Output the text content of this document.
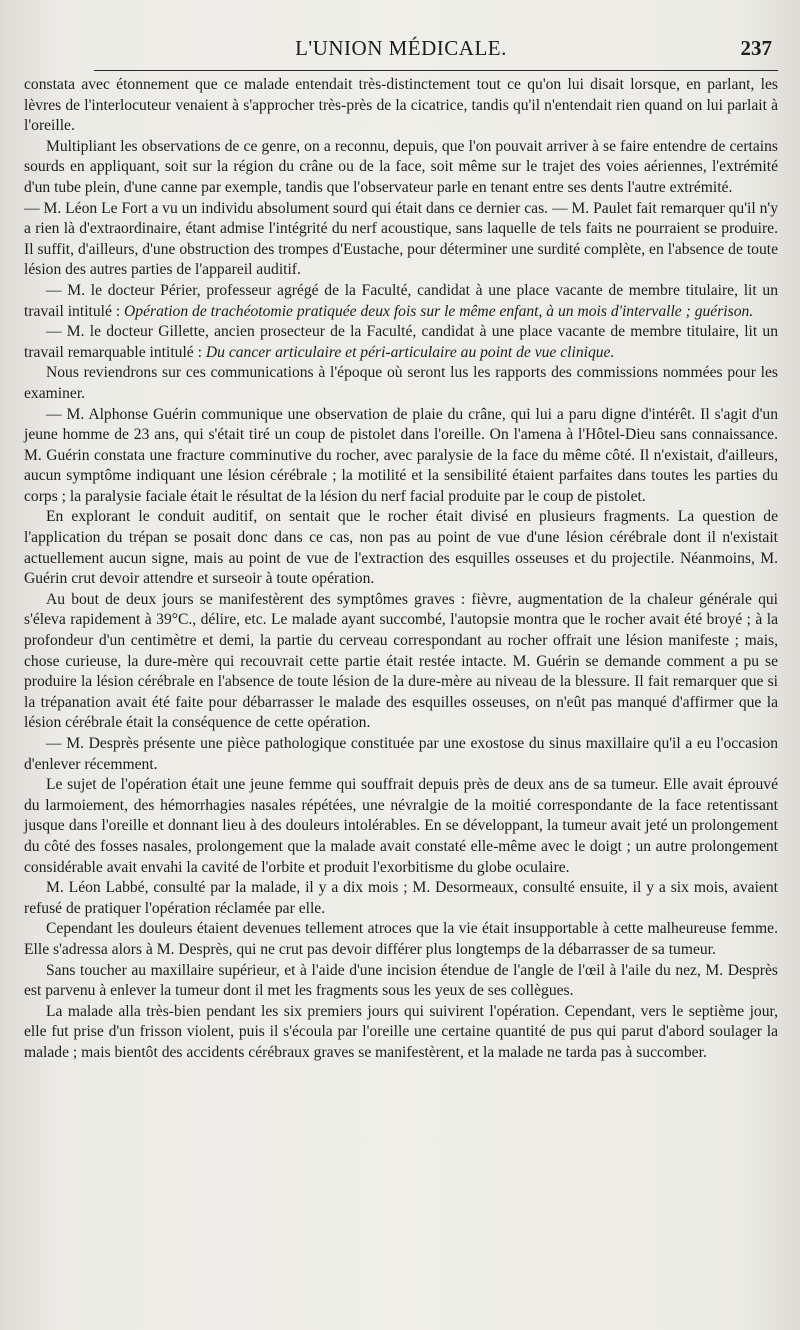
L'UNION MÉDICALE.	237

constata avec étonnement que ce malade entendait très-distinctement tout ce qu'on lui disait lorsque, en parlant, les lèvres de l'interlocuteur venaient à s'approcher très-près de la cicatrice, tandis qu'il n'entendait rien quand on lui parlait à l'oreille.

Multipliant les observations de ce genre, on a reconnu, depuis, que l'on pouvait arriver à se faire entendre de certains sourds en appliquant, soit sur la région du crâne ou de la face, soit même sur le trajet des voies aériennes, l'extrémité d'un tube plein, d'une canne par exemple, tandis que l'observateur parle en tenant entre ses dents l'autre extrémité.

— M. Léon Le Fort a vu un individu absolument sourd qui était dans ce dernier cas. — M. Paulet fait remarquer qu'il n'y a rien là d'extraordinaire, étant admise l'intégrité du nerf acoustique, sans laquelle de tels faits ne pourraient se produire. Il suffit, d'ailleurs, d'une obstruction des trompes d'Eustache, pour déterminer une surdité complète, en l'absence de toute lésion des autres parties de l'appareil auditif.

— M. le docteur Périer, professeur agrégé de la Faculté, candidat à une place vacante de membre titulaire, lit un travail intitulé : Opération de trachéotomie pratiquée deux fois sur le même enfant, à un mois d'intervalle ; guérison.

— M. le docteur Gillette, ancien prosecteur de la Faculté, candidat à une place vacante de membre titulaire, lit un travail remarquable intitulé : Du cancer articulaire et péri-articulaire au point de vue clinique.

Nous reviendrons sur ces communications à l'époque où seront lus les rapports des commissions nommées pour les examiner.

— M. Alphonse Guérin communique une observation de plaie du crâne, qui lui a paru digne d'intérêt. Il s'agit d'un jeune homme de 23 ans, qui s'était tiré un coup de pistolet dans l'oreille. On l'amena à l'Hôtel-Dieu sans connaissance. M. Guérin constata une fracture comminutive du rocher, avec paralysie de la face du même côté. Il n'existait, d'ailleurs, aucun symptôme indiquant une lésion cérébrale ; la motilité et la sensibilité étaient parfaites dans toutes les parties du corps ; la paralysie faciale était le résultat de la lésion du nerf facial produite par le coup de pistolet.

En explorant le conduit auditif, on sentait que le rocher était divisé en plusieurs fragments. La question de l'application du trépan se posait donc dans ce cas, non pas au point de vue d'une lésion cérébrale dont il n'existait actuellement aucun signe, mais au point de vue de l'extraction des esquilles osseuses et du projectile. Néanmoins, M. Guérin crut devoir attendre et surseoir à toute opération.

Au bout de deux jours se manifestèrent des symptômes graves : fièvre, augmentation de la chaleur générale qui s'éleva rapidement à 39°C., délire, etc. Le malade ayant succombé, l'autopsie montra que le rocher avait été broyé ; à la profondeur d'un centimètre et demi, la partie du cerveau correspondant au rocher offrait une lésion manifeste ; mais, chose curieuse, la dure-mère qui recouvrait cette partie était restée intacte. M. Guérin se demande comment a pu se produire la lésion cérébrale en l'absence de toute lésion de la dure-mère au niveau de la blessure. Il fait remarquer que si la trépanation avait été faite pour débarrasser le malade des esquilles osseuses, on n'eût pas manqué d'affirmer que la lésion cérébrale était la conséquence de cette opération.

— M. Desprès présente une pièce pathologique constituée par une exostose du sinus maxillaire qu'il a eu l'occasion d'enlever récemment.

Le sujet de l'opération était une jeune femme qui souffrait depuis près de deux ans de sa tumeur. Elle avait éprouvé du larmoiement, des hémorrhagies nasales répétées, une névralgie de la moitié correspondante de la face retentissant jusque dans l'oreille et donnant lieu à des douleurs intolérables. En se développant, la tumeur avait jeté un prolongement du côté des fosses nasales, prolongement que la malade avait constaté elle-même avec le doigt ; un autre prolongement considérable avait envahi la cavité de l'orbite et produit l'exorbitisme du globe oculaire.

M. Léon Labbé, consulté par la malade, il y a dix mois ; M. Desormeaux, consulté ensuite, il y a six mois, avaient refusé de pratiquer l'opération réclamée par elle.

Cependant les douleurs étaient devenues tellement atroces que la vie était insupportable à cette malheureuse femme. Elle s'adressa alors à M. Desprès, qui ne crut pas devoir différer plus longtemps de la débarrasser de sa tumeur.

Sans toucher au maxillaire supérieur, et à l'aide d'une incision étendue de l'angle de l'œil à l'aile du nez, M. Desprès est parvenu à enlever la tumeur dont il met les fragments sous les yeux de ses collègues.

La malade alla très-bien pendant les six premiers jours qui suivirent l'opération. Cependant, vers le septième jour, elle fut prise d'un frisson violent, puis il s'écoula par l'oreille une certaine quantité de pus qui parut d'abord soulager la malade ; mais bientôt des accidents cérébraux graves se manifestèrent, et la malade ne tarda pas à succomber.
